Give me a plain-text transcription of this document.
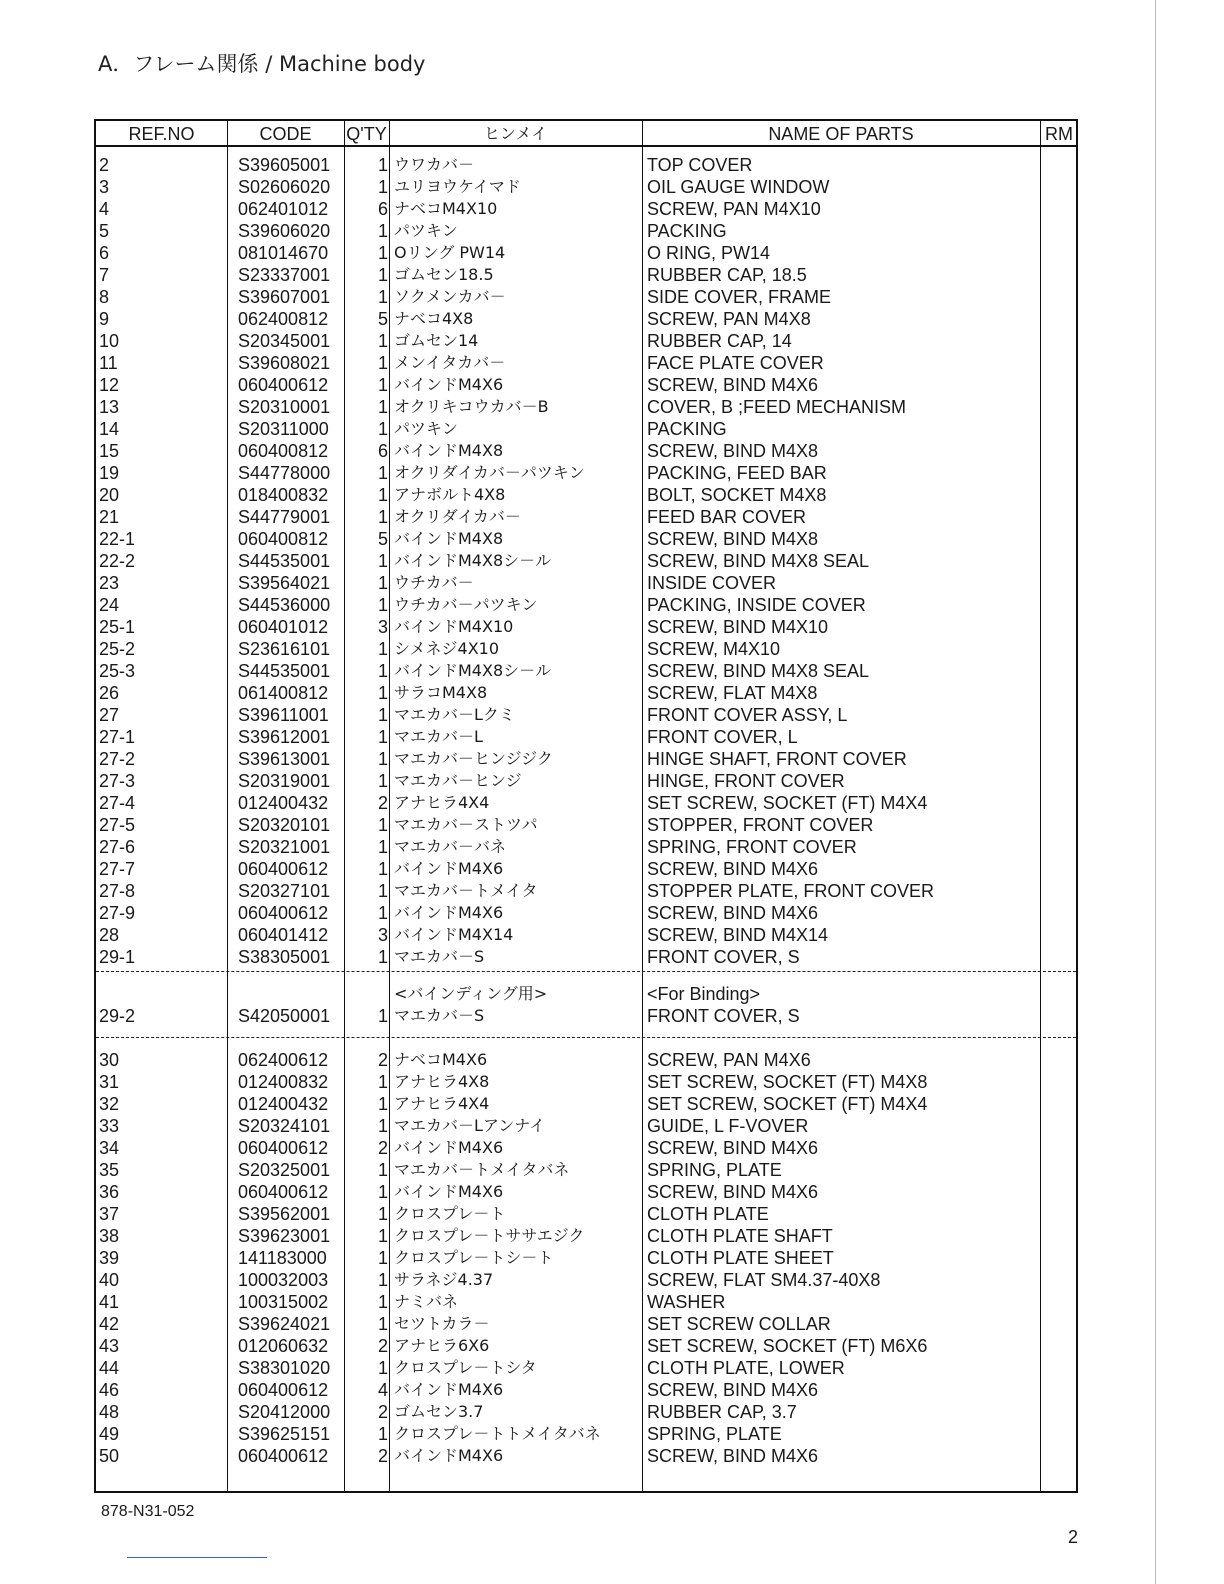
A．フレーム関係 / Machine body
REF.NO	CODE	Q'TY	ヒンメイ	NAME OF PARTS	RM
2	S39605001	1 ウワカバ－	TOP COVER
3	S02606020	1 ユリヨウケイマド	OIL GAUGE WINDOW
4	062401012	6 ナベコM4X10	SCREW, PAN M4X10
5	S39606020	1 パツキン	PACKING
6	081014670	1 Oリング PW14	O RING, PW14
7	S23337001	1 ゴムセン18.5	RUBBER CAP, 18.5
8	S39607001	1 ソクメンカバ－	SIDE COVER, FRAME
9	062400812	5 ナベコ4X8	SCREW, PAN M4X8
10	S20345001	1 ゴムセン14	RUBBER CAP, 14
11	S39608021	1 メンイタカバ－	FACE PLATE COVER
12	060400612	1 バインドM4X6	SCREW, BIND M4X6
13	S20310001	1 オクリキコウカバ－B	COVER, B ;FEED MECHANISM
14	S20311000	1 パツキン	PACKING
15	060400812	6 バインドM4X8	SCREW, BIND M4X8
19	S44778000	1 オクリダイカバ－パツキン	PACKING, FEED BAR
20	018400832	1 アナボルト4X8	BOLT, SOCKET M4X8
21	S44779001	1 オクリダイカバ－	FEED BAR COVER
22-1	060400812	5 バインドM4X8	SCREW, BIND M4X8
22-2	S44535001	1 バインドM4X8シ－ル	SCREW, BIND M4X8 SEAL
23	S39564021	1 ウチカバ－	INSIDE COVER
24	S44536000	1 ウチカバ－パツキン	PACKING, INSIDE COVER
25-1	060401012	3 バインドM4X10	SCREW, BIND M4X10
25-2	S23616101	1 シメネジ4X10	SCREW, M4X10
25-3	S44535001	1 バインドM4X8シ－ル	SCREW, BIND M4X8 SEAL
26	061400812	1 サラコM4X8	SCREW, FLAT M4X8
27	S39611001	1 マエカバ－Lクミ	FRONT COVER ASSY, L
27-1	S39612001	1 マエカバ－L	FRONT COVER, L
27-2	S39613001	1 マエカバ－ヒンジジク	HINGE SHAFT, FRONT COVER
27-3	S20319001	1 マエカバ－ヒンジ	HINGE, FRONT COVER
27-4	012400432	2 アナヒラ4X4	SET SCREW, SOCKET (FT) M4X4
27-5	S20320101	1 マエカバ－ストツパ	STOPPER, FRONT COVER
27-6	S20321001	1 マエカバ－バネ	SPRING, FRONT COVER
27-7	060400612	1 バインドM4X6	SCREW, BIND M4X6
27-8	S20327101	1 マエカバ－トメイタ	STOPPER PLATE, FRONT COVER
27-9	060400612	1 バインドM4X6	SCREW, BIND M4X6
28	060401412	3 バインドM4X14	SCREW, BIND M4X14
29-1	S38305001	1 マエカバ－S	FRONT COVER, S
<バインディング用>	<For Binding>
29-2	S42050001	1 マエカバ－S	FRONT COVER, S
30	062400612	2 ナベコM4X6	SCREW, PAN M4X6
31	012400832	1 アナヒラ4X8	SET SCREW, SOCKET (FT) M4X8
32	012400432	1 アナヒラ4X4	SET SCREW, SOCKET (FT) M4X4
33	S20324101	1 マエカバ－Lアンナイ	GUIDE, L F-VOVER
34	060400612	2 バインドM4X6	SCREW, BIND M4X6
35	S20325001	1 マエカバ－トメイタバネ	SPRING, PLATE
36	060400612	1 バインドM4X6	SCREW, BIND M4X6
37	S39562001	1 クロスプレ－ト	CLOTH PLATE
38	S39623001	1 クロスプレ－トササエジク	CLOTH PLATE SHAFT
39	141183000	1 クロスプレ－トシ－ト	CLOTH PLATE SHEET
40	100032003	1 サラネジ4.37	SCREW, FLAT SM4.37-40X8
41	100315002	1 ナミバネ	WASHER
42	S39624021	1 セツトカラ－	SET SCREW COLLAR
43	012060632	2 アナヒラ6X6	SET SCREW, SOCKET (FT) M6X6
44	S38301020	1 クロスプレ－トシタ	CLOTH PLATE, LOWER
46	060400612	4 バインドM4X6	SCREW, BIND M4X6
48	S20412000	2 ゴムセン3.7	RUBBER CAP, 3.7
49	S39625151	1 クロスプレ－トトメイタバネ	SPRING, PLATE
50	060400612	2 バインドM4X6	SCREW, BIND M4X6
878-N31-052
2
